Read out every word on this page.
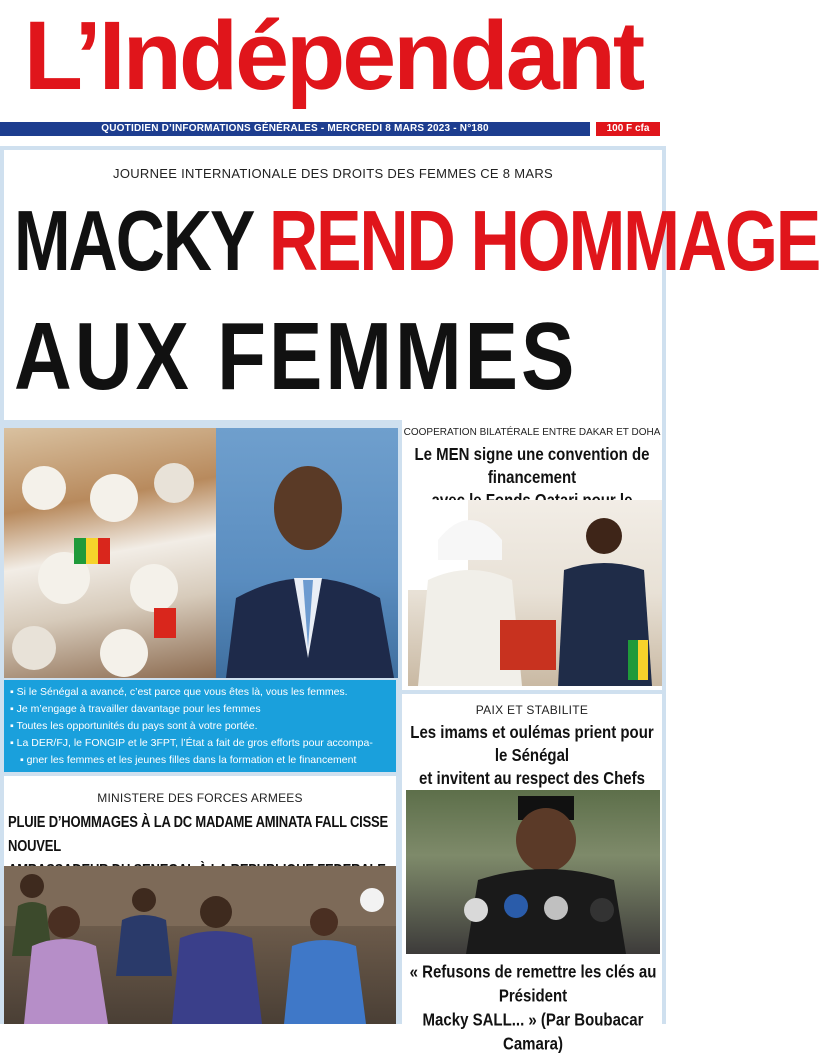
L’Indépendant
QUOTIDIEN D’INFORMATIONS GÉNÉRALES - MERCREDI 8 MARS 2023 - N°180	100 F cfa
JOURNEE INTERNATIONALE DES DROITS DES FEMMES CE 8 MARS
MACKY REND HOMMAGE
AUX FEMMES

▪ Si le Sénégal a avancé, c’est parce que vous êtes là, vous les femmes.

▪ Je m’engage à travailler davantage pour les femmes

▪ Toutes les opportunités du pays sont à votre portée.

▪ La DER/FJ, le FONGIP et le 3FPT, l’État a fait de gros efforts pour accompa-

▪ gner les femmes et les jeunes filles dans la formation et le financement

COOPERATION BILATÉRALE ENTRE DAKAR ET DOHA
Le MEN signe une convention de financement
PAIX ET STABILITE
Les imams et oulémas prient pour le Sénégal
et invitent au respect des Chefs
« Refusons de remettre les clés au Président
Macky SALL... » (Par Boubacar Camara)
MINISTERE DES FORCES ARMEES
PLUIE D’HOMMAGES À LA DC MADAME AMINATA FALL CISSE NOUVEL
